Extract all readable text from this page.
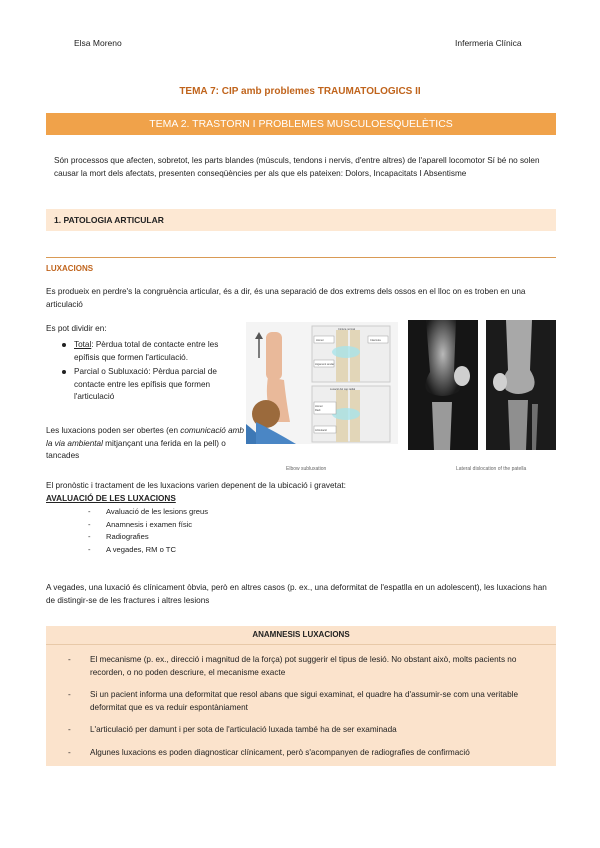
Elsa Moreno	Infermeria Clínica
TEMA 7: CIP amb problemes TRAUMATOLOGICS II
TEMA 2. TRASTORN I PROBLEMES MUSCULOESQUELÈTICS
Són processos que afecten, sobretot, les parts blandes (músculs, tendons i nervis, d'entre altres) de l'aparell locomotor Sí bé no solen causar la mort dels afectats, presenten conseqüències per als que els pateixen: Dolors, Incapacitats I Absentisme
1. PATOLOGIA ARTICULAR
LUXACIONS
Es produeix en perdre's la congruència articular, és a dir, és una separació de dos extrems dels ossos en el lloc on es troben en una articulació
Es pot dividir en:
Total: Pèrdua total de contacte entre les epífisis que formen l'articulació.
Parcial o Subluxació: Pèrdua parcial de contacte entre les epífisis que formen l'articulació
Les luxacions poden ser obertes (en comunicació amb la via ambiental mitjançant una ferida en la pell) o tancades
Cintura normal
Húmer	Clavícula
Lligament anular
Luxació del cap radial
Húmer
Radi
Articulació
Elbow subluxation	Lateral dislocation of the patella
El pronòstic i tractament de les luxacions varien depenent de la ubicació i gravetat: AVALUACIÓ DE LES LUXACIONS
- Avaluació de les lesions greus
- Anamnesis i examen físic
- Radiografies
- A vegades, RM o TC
A vegades, una luxació és clínicament òbvia, però en altres casos (p. ex., una deformitat de l'espatlla en un adolescent), les luxacions han de distingir-se de les fractures i altres lesions
ANAMNESIS LUXACIONS
- El mecanisme (p. ex., direcció i magnitud de la força) pot suggerir el tipus de lesió. No obstant això, molts pacients no recorden, o no poden descriure, el mecanisme exacte
- Si un pacient informa una deformitat que resol abans que sigui examinat, el quadre ha d'assumir-se com una veritable deformitat que es va reduir espontàniament
- L'articulació per damunt i per sota de l'articulació luxada també ha de ser examinada
- Algunes luxacions es poden diagnosticar clínicament, però s'acompanyen de radiografies de confirmació
